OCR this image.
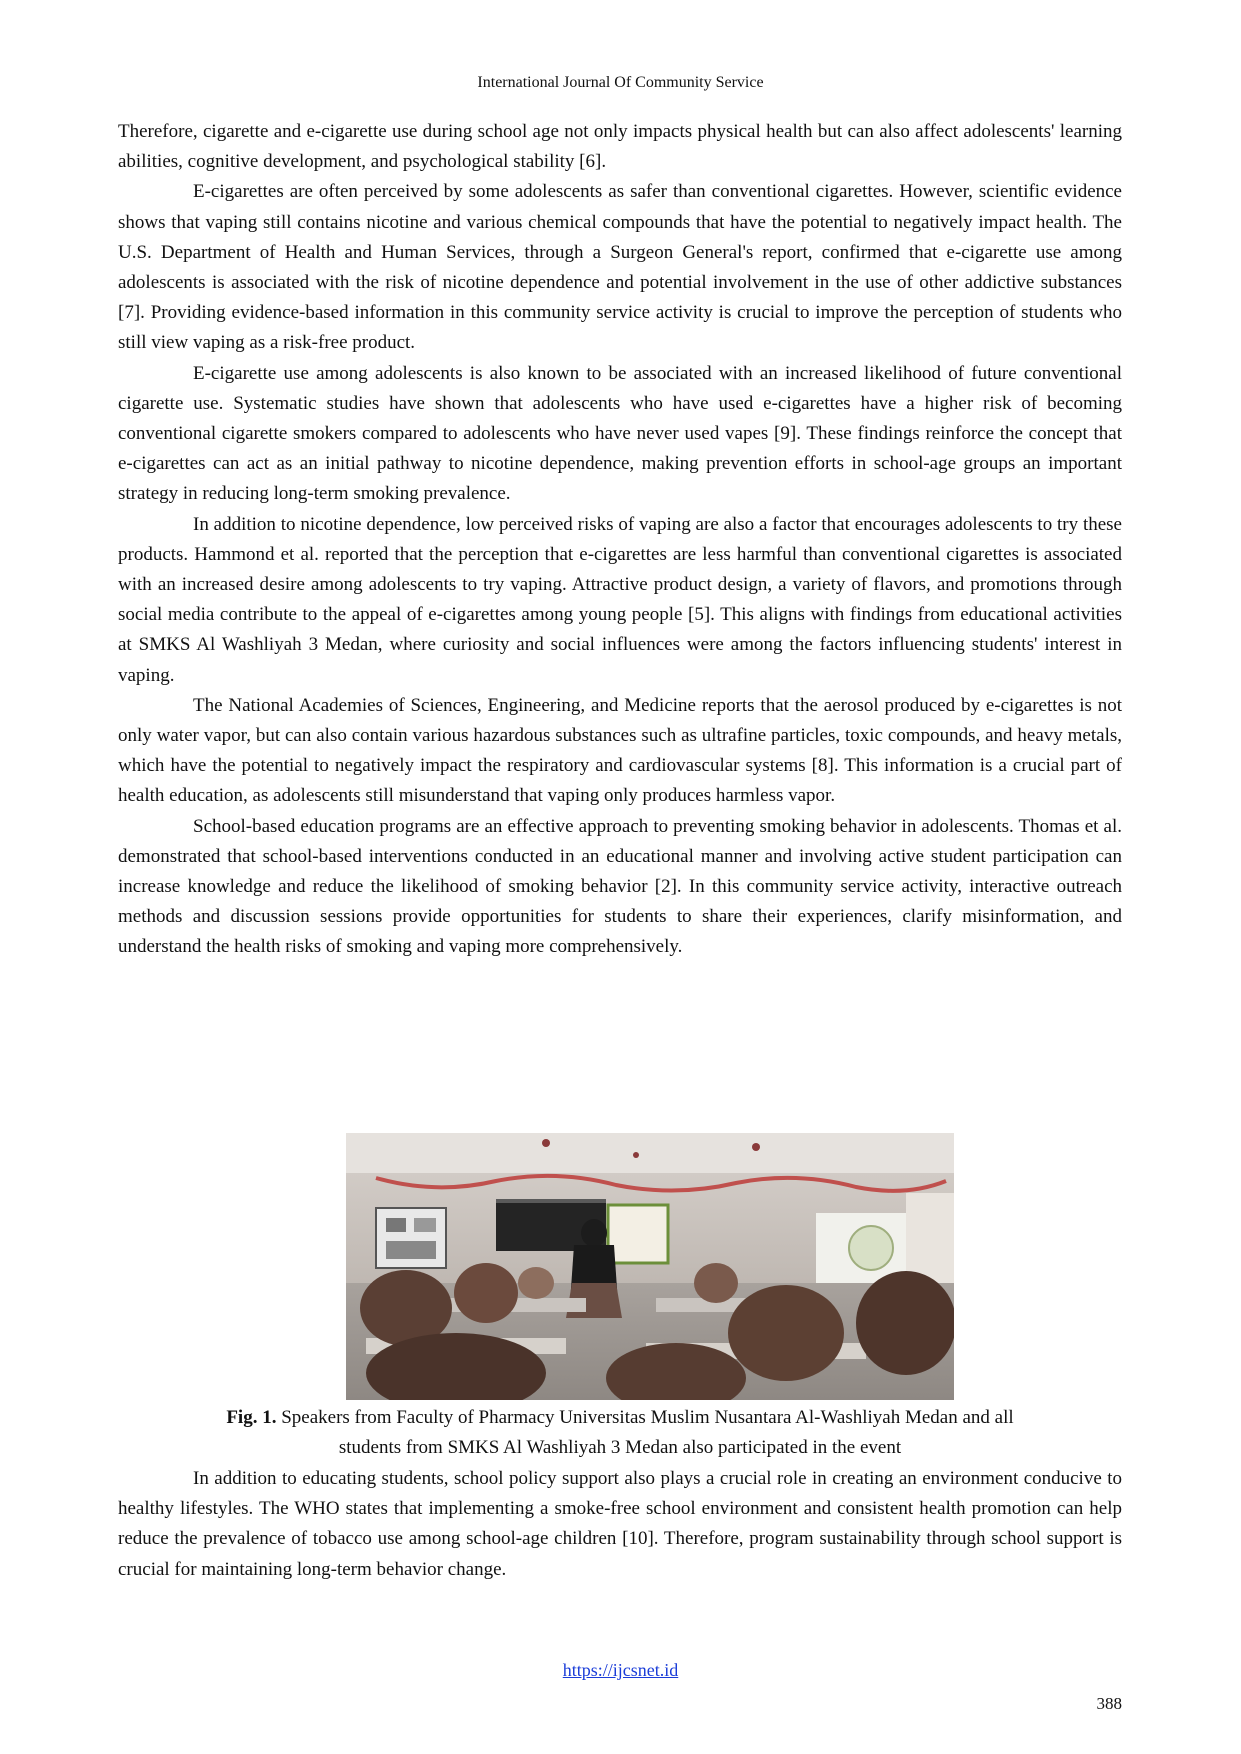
International Journal Of Community Service

Therefore, cigarette and e-cigarette use during school age not only impacts physical health but can also affect adolescents' learning abilities, cognitive development, and psychological stability [6].

E-cigarettes are often perceived by some adolescents as safer than conventional cigarettes. However, scientific evidence shows that vaping still contains nicotine and various chemical compounds that have the potential to negatively impact health. The U.S. Department of Health and Human Services, through a Surgeon General's report, confirmed that e-cigarette use among adolescents is associated with the risk of nicotine dependence and potential involvement in the use of other addictive substances [7]. Providing evidence-based information in this community service activity is crucial to improve the perception of students who still view vaping as a risk-free product.

E-cigarette use among adolescents is also known to be associated with an increased likelihood of future conventional cigarette use. Systematic studies have shown that adolescents who have used e-cigarettes have a higher risk of becoming conventional cigarette smokers compared to adolescents who have never used vapes [9]. These findings reinforce the concept that e-cigarettes can act as an initial pathway to nicotine dependence, making prevention efforts in school-age groups an important strategy in reducing long-term smoking prevalence.

In addition to nicotine dependence, low perceived risks of vaping are also a factor that encourages adolescents to try these products. Hammond et al. reported that the perception that e-cigarettes are less harmful than conventional cigarettes is associated with an increased desire among adolescents to try vaping. Attractive product design, a variety of flavors, and promotions through social media contribute to the appeal of e-cigarettes among young people [5]. This aligns with findings from educational activities at SMKS Al Washliyah 3 Medan, where curiosity and social influences were among the factors influencing students' interest in vaping.

The National Academies of Sciences, Engineering, and Medicine reports that the aerosol produced by e-cigarettes is not only water vapor, but can also contain various hazardous substances such as ultrafine particles, toxic compounds, and heavy metals, which have the potential to negatively impact the respiratory and cardiovascular systems [8]. This information is a crucial part of health education, as adolescents still misunderstand that vaping only produces harmless vapor.

School-based education programs are an effective approach to preventing smoking behavior in adolescents. Thomas et al. demonstrated that school-based interventions conducted in an educational manner and involving active student participation can increase knowledge and reduce the likelihood of smoking behavior [2]. In this community service activity, interactive outreach methods and discussion sessions provide opportunities for students to share their experiences, clarify misinformation, and understand the health risks of smoking and vaping more comprehensively.

Fig. 1. Speakers from Faculty of Pharmacy Universitas Muslim Nusantara Al-Washliyah Medan and all
students from SMKS Al Washliyah 3 Medan also participated in the event

In addition to educating students, school policy support also plays a crucial role in creating an environment conducive to healthy lifestyles. The WHO states that implementing a smoke-free school environment and consistent health promotion can help reduce the prevalence of tobacco use among school-age children [10]. Therefore, program sustainability through school support is crucial for maintaining long-term behavior change.

https://ijcsnet.id
388
